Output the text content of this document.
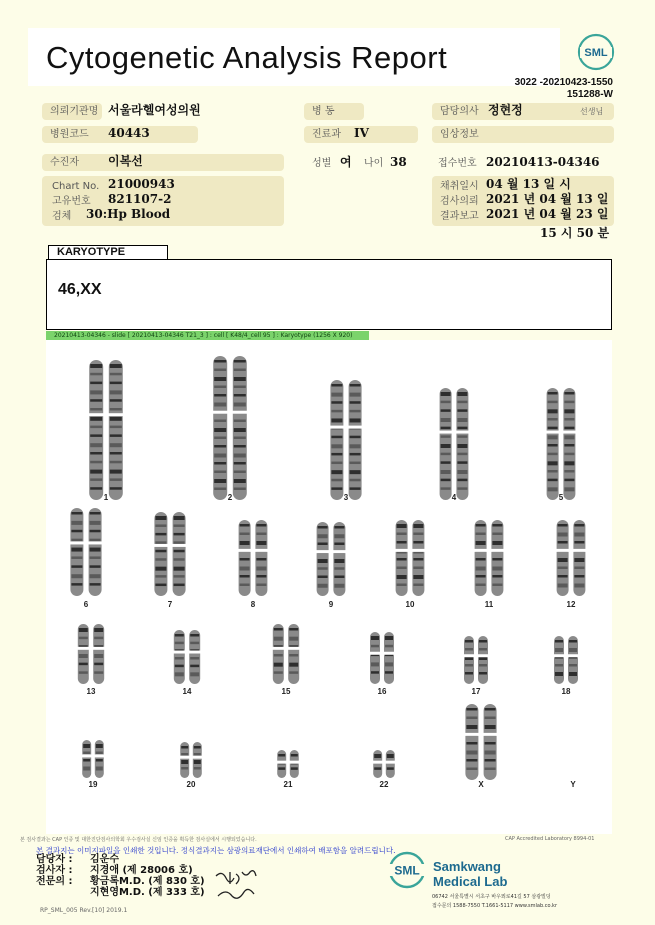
Cytogenetic Analysis Report	SML
3022 -20210423-1550
151288-W
의뢰기관명 서울라헬여성의원	병 동	담당의사 정현정	선생님
병원코드	40443	진료과	IV	임상정보
수진자	이복선	성별 여 나이 38	접수번호 20210413-04346
Chart No. 21000943
고유번호 821107-2
검체 30:Hp Blood
채취일시 04 월 13 일 시
검사의뢰 2021 년 04 월 13 일
결과보고 2021 년 04 월 23 일
15 시 50 분
KARYOTYPE
46,XX
20210413-04346 - slide [ 20210413-04346 T21_3 ] : cell [ K48/4_cell 95 ] : Karyotype (1256 X 920)
1	2	3	4	5
6	7	8	9	10	11	12
13	14	15	16	17	18
19	20	21	22	X	Y
본 검사결과는 CAP 인증 및 대한진단검사의학회 우수검사실 신임 인증을 획득한 검사실에서 시행되었습니다.	CAP Accredited Laboratory 8994-01
본 결과지는 이미지파일을 인쇄한 것입니다. 정식결과지는 삼광의료재단에서 인쇄하여 배포함을 알려드립니다.
담당자 : 김운수
검사자 : 지경애 (제 28006 호)
전문의 : 황금록M.D. (제 830 호)
지현영M.D. (제 333 호)
SML Samkwang
Medical Lab
06742 서울특별시 서초구 바우뫼로41길 57 삼광빌딩
접수문의 1588-7550 T.1661-5117 www.smlab.co.kr
RP_SML_005 Rev.[10] 2019.1
